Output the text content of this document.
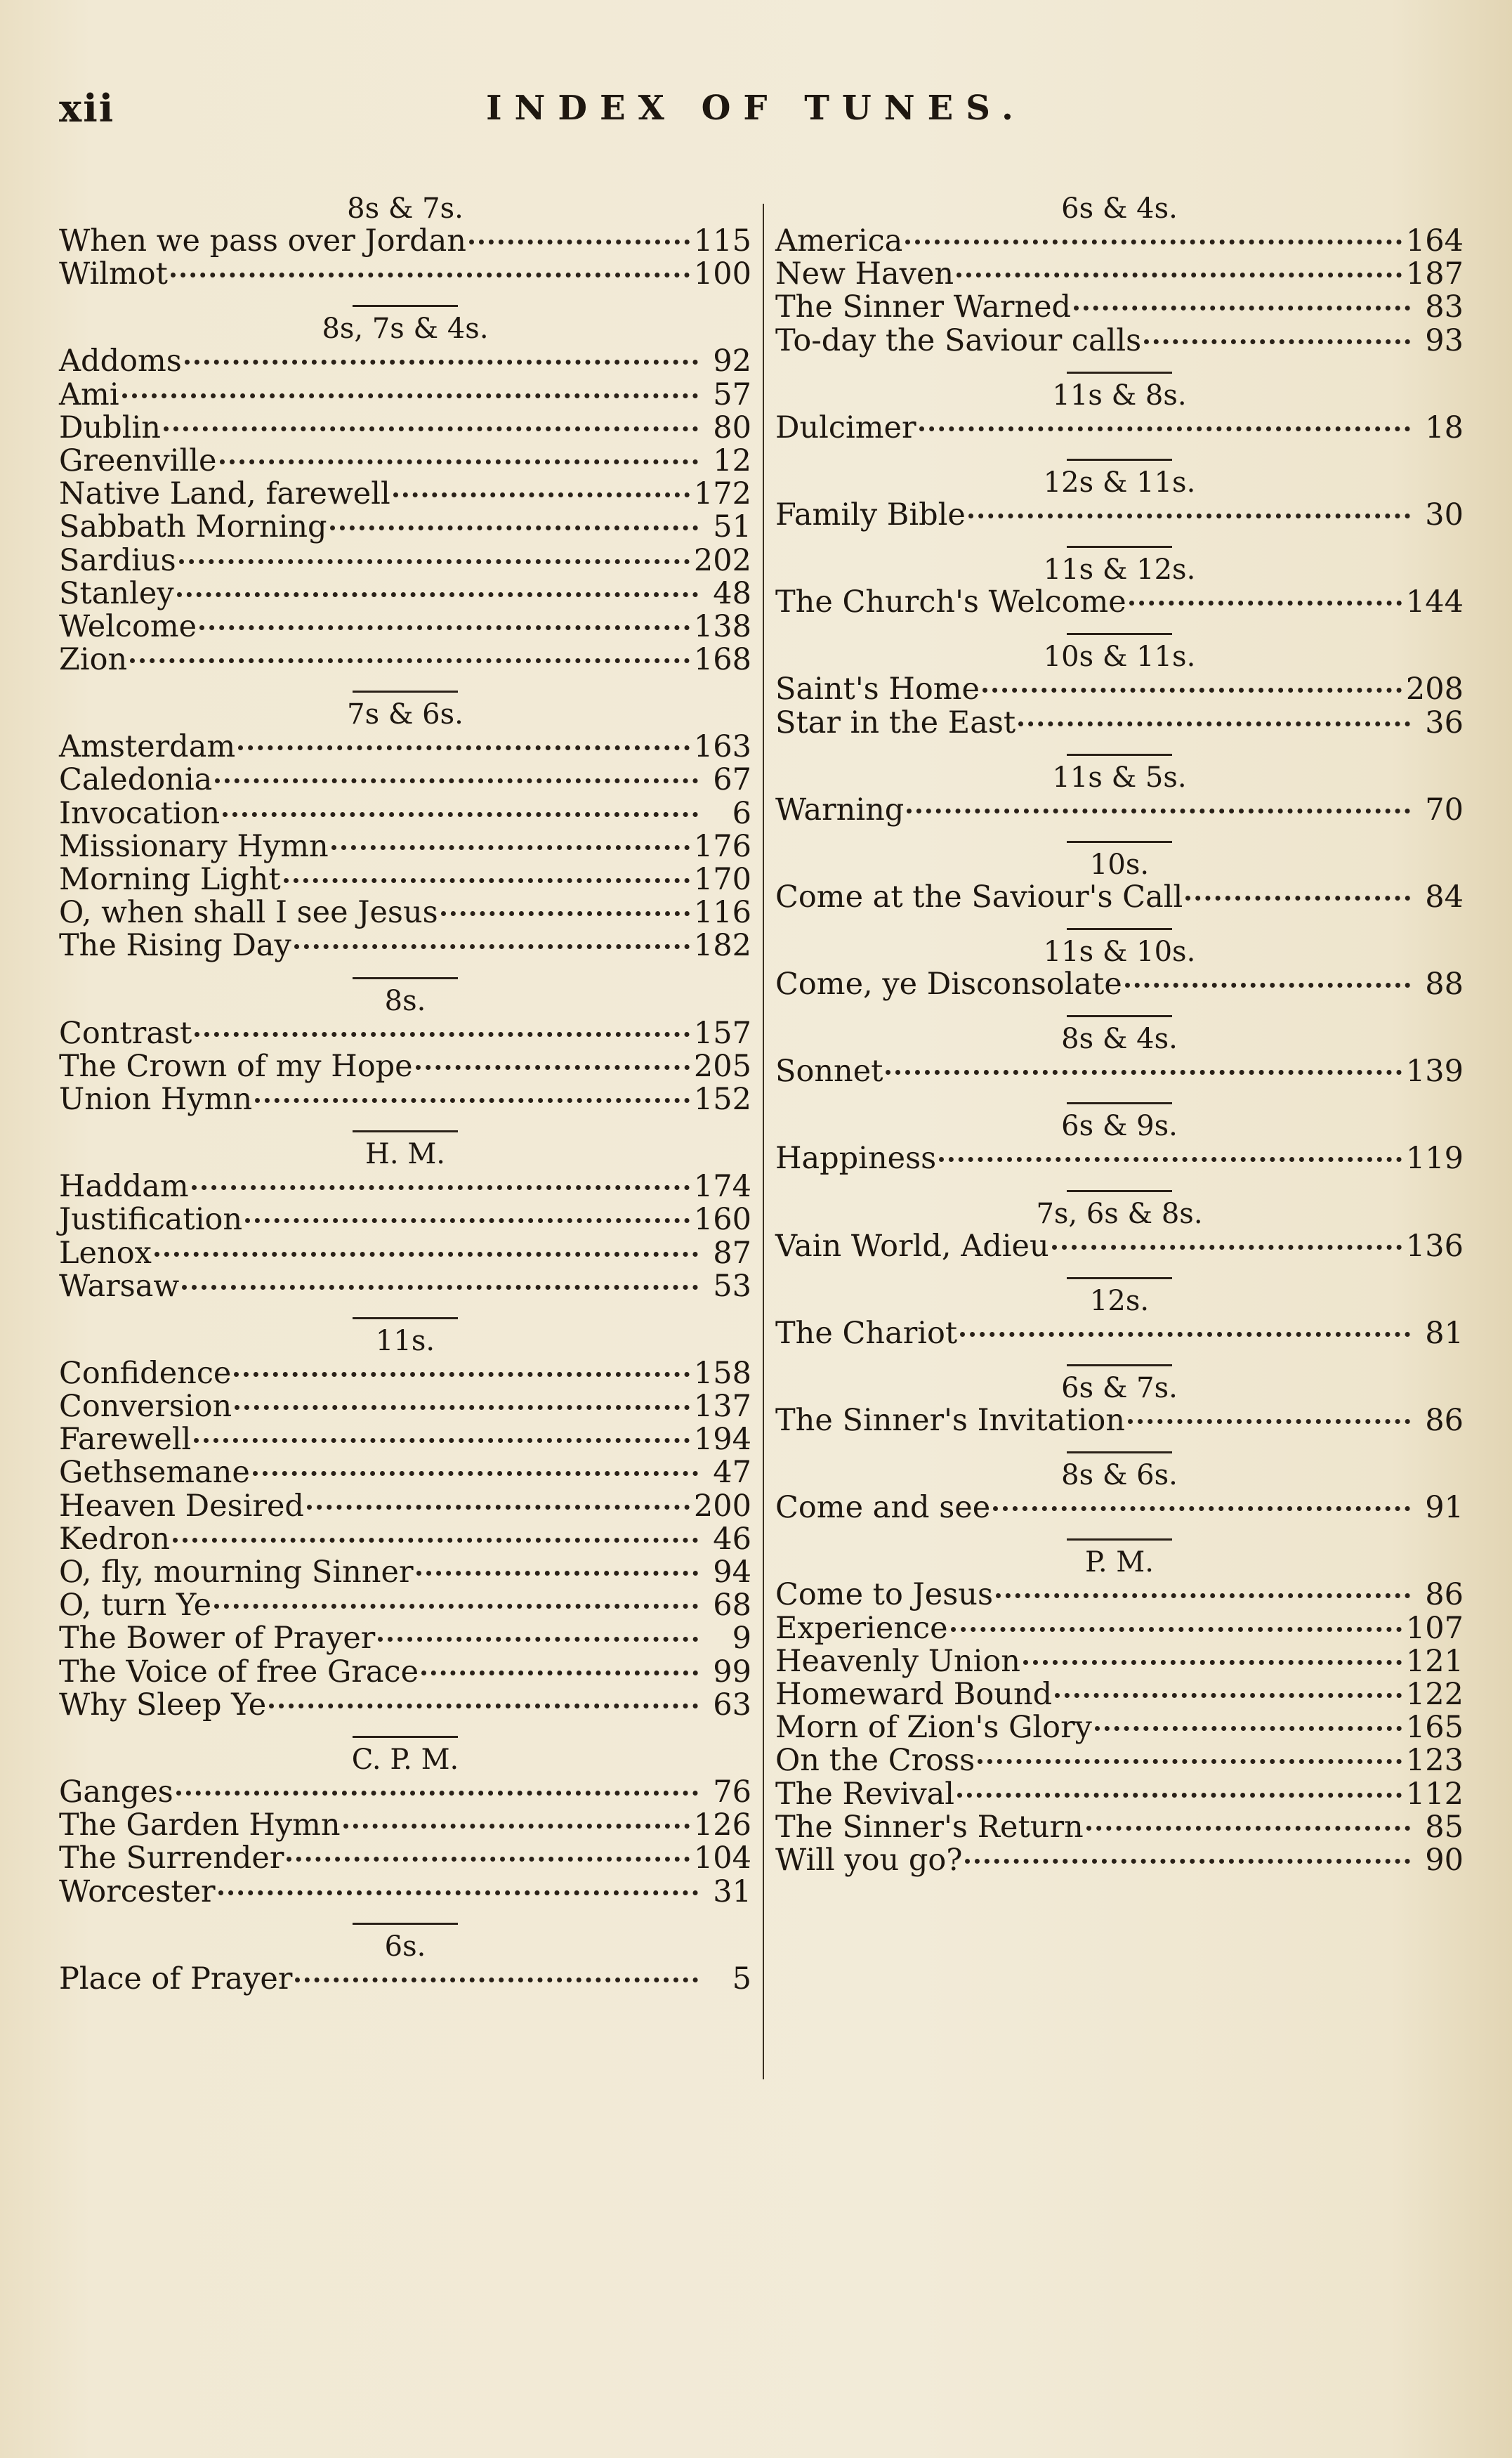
xii	INDEX OF TUNES.
8s & 7s.
When we pass over Jordan	115
Wilmot	100
8s, 7s & 4s.
Addoms	92
Ami	57
Dublin	80
Greenville	12
Native Land, farewell	172
Sabbath Morning	51
Sardius	202
Stanley	48
Welcome	138
Zion	168
7s & 6s.
Amsterdam	163
Caledonia	67
Invocation	6
Missionary Hymn	176
Morning Light	170
O, when shall I see Jesus	116
The Rising Day	182
8s.
Contrast	157
The Crown of my Hope	205
Union Hymn	152
H. M.
Haddam	174
Justification	160
Lenox	87
Warsaw	53
11s.
Confidence	158
Conversion	137
Farewell	194
Gethsemane	47
Heaven Desired	200
Kedron	46
O, fly, mourning Sinner	94
O, turn Ye	68
The Bower of Prayer	9
The Voice of free Grace	99
Why Sleep Ye	63
C. P. M.
Ganges	76
The Garden Hymn	126
The Surrender	104
Worcester	31
6s.
Place of Prayer	5
6s & 4s.
America	164
New Haven	187
The Sinner Warned	83
To-day the Saviour calls	93
11s & 8s.
Dulcimer	18
12s & 11s.
Family Bible	30
11s & 12s.
The Church's Welcome	144
10s & 11s.
Saint's Home	208
Star in the East	36
11s & 5s.
Warning	70
10s.
Come at the Saviour's Call	84
11s & 10s.
Come, ye Disconsolate	88
8s & 4s.
Sonnet	139
6s & 9s.
Happiness	119
7s, 6s & 8s.
Vain World, Adieu	136
12s.
The Chariot	81
6s & 7s.
The Sinner's Invitation	86
8s & 6s.
Come and see	91
P. M.
Come to Jesus	86
Experience	107
Heavenly Union	121
Homeward Bound	122
Morn of Zion's Glory	165
On the Cross	123
The Revival	112
The Sinner's Return	85
Will you go?	90
